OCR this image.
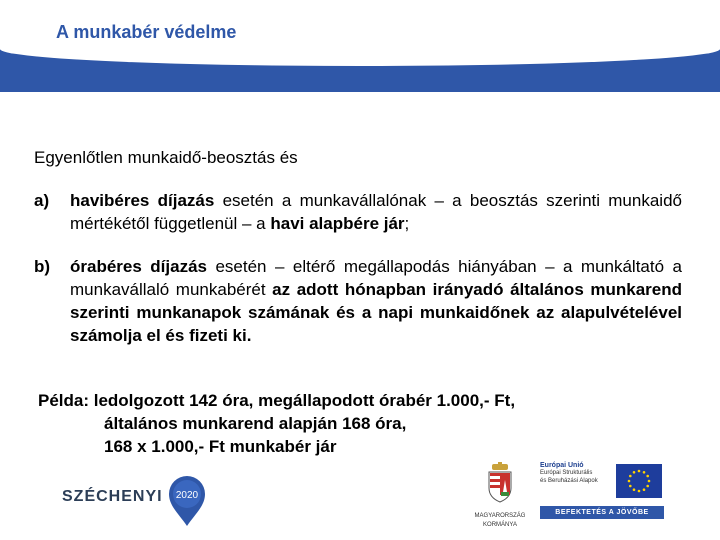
A munkabér védelme
Egyenlőtlen munkaidő-beosztás és
a)	havibéres díjazás esetén a munkavállalónak – a beosztás szerinti munkaidő mértékétől függetlenül – a havi alapbére jár;
b)	órabéres díjazás esetén – eltérő megállapodás hiányában – a munkáltató a munkavállaló munkabérét az adott hónapban irányadó általános munkarend szerinti munkanapok számának és a napi munkaidőnek az alapulvételével számolja el és fizeti ki.
Példa: ledolgozott 142 óra, megállapodott órabér 1.000,- Ft,
általános munkarend alapján 168 óra,
168 x 1.000,- Ft munkabér jár
SZÉCHENYI 2020
MAGYARORSZÁG
KORMÁNYA
Európai Unió
Európai Strukturális
és Beruházási Alapok
BEFEKTETÉS A JÖVŐBE
